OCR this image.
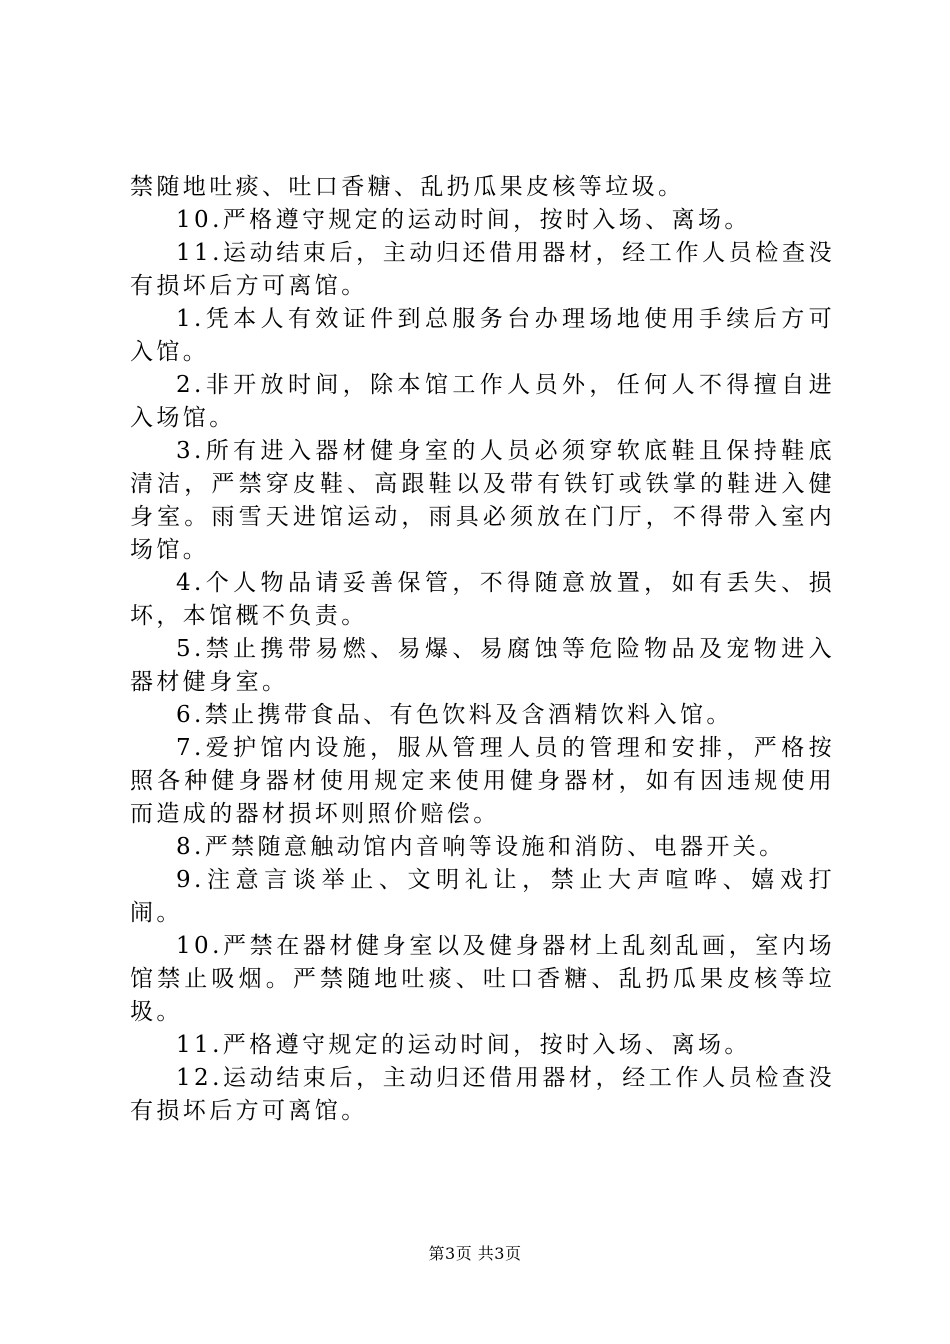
禁随地吐痰、吐口香糖、乱扔瓜果皮核等垃圾。

10.严格遵守规定的运动时间，按时入场、离场。

11.运动结束后，主动归还借用器材，经工作人员检查没有损坏后方可离馆。

1.凭本人有效证件到总服务台办理场地使用手续后方可入馆。

2.非开放时间，除本馆工作人员外，任何人不得擅自进入场馆。

3.所有进入器材健身室的人员必须穿软底鞋且保持鞋底清洁，严禁穿皮鞋、高跟鞋以及带有铁钉或铁掌的鞋进入健身室。雨雪天进馆运动，雨具必须放在门厅，不得带入室内场馆。

4.个人物品请妥善保管，不得随意放置，如有丢失、损坏，本馆概不负责。

5.禁止携带易燃、易爆、易腐蚀等危险物品及宠物进入器材健身室。

6.禁止携带食品、有色饮料及含酒精饮料入馆。

7.爱护馆内设施，服从管理人员的管理和安排，严格按照各种健身器材使用规定来使用健身器材，如有因违规使用而造成的器材损坏则照价赔偿。

8.严禁随意触动馆内音响等设施和消防、电器开关。

9.注意言谈举止、文明礼让，禁止大声喧哗、嬉戏打闹。

10.严禁在器材健身室以及健身器材上乱刻乱画，室内场馆禁止吸烟。严禁随地吐痰、吐口香糖、乱扔瓜果皮核等垃圾。

11.严格遵守规定的运动时间，按时入场、离场。

12.运动结束后，主动归还借用器材，经工作人员检查没有损坏后方可离馆。

第3页 共3页
